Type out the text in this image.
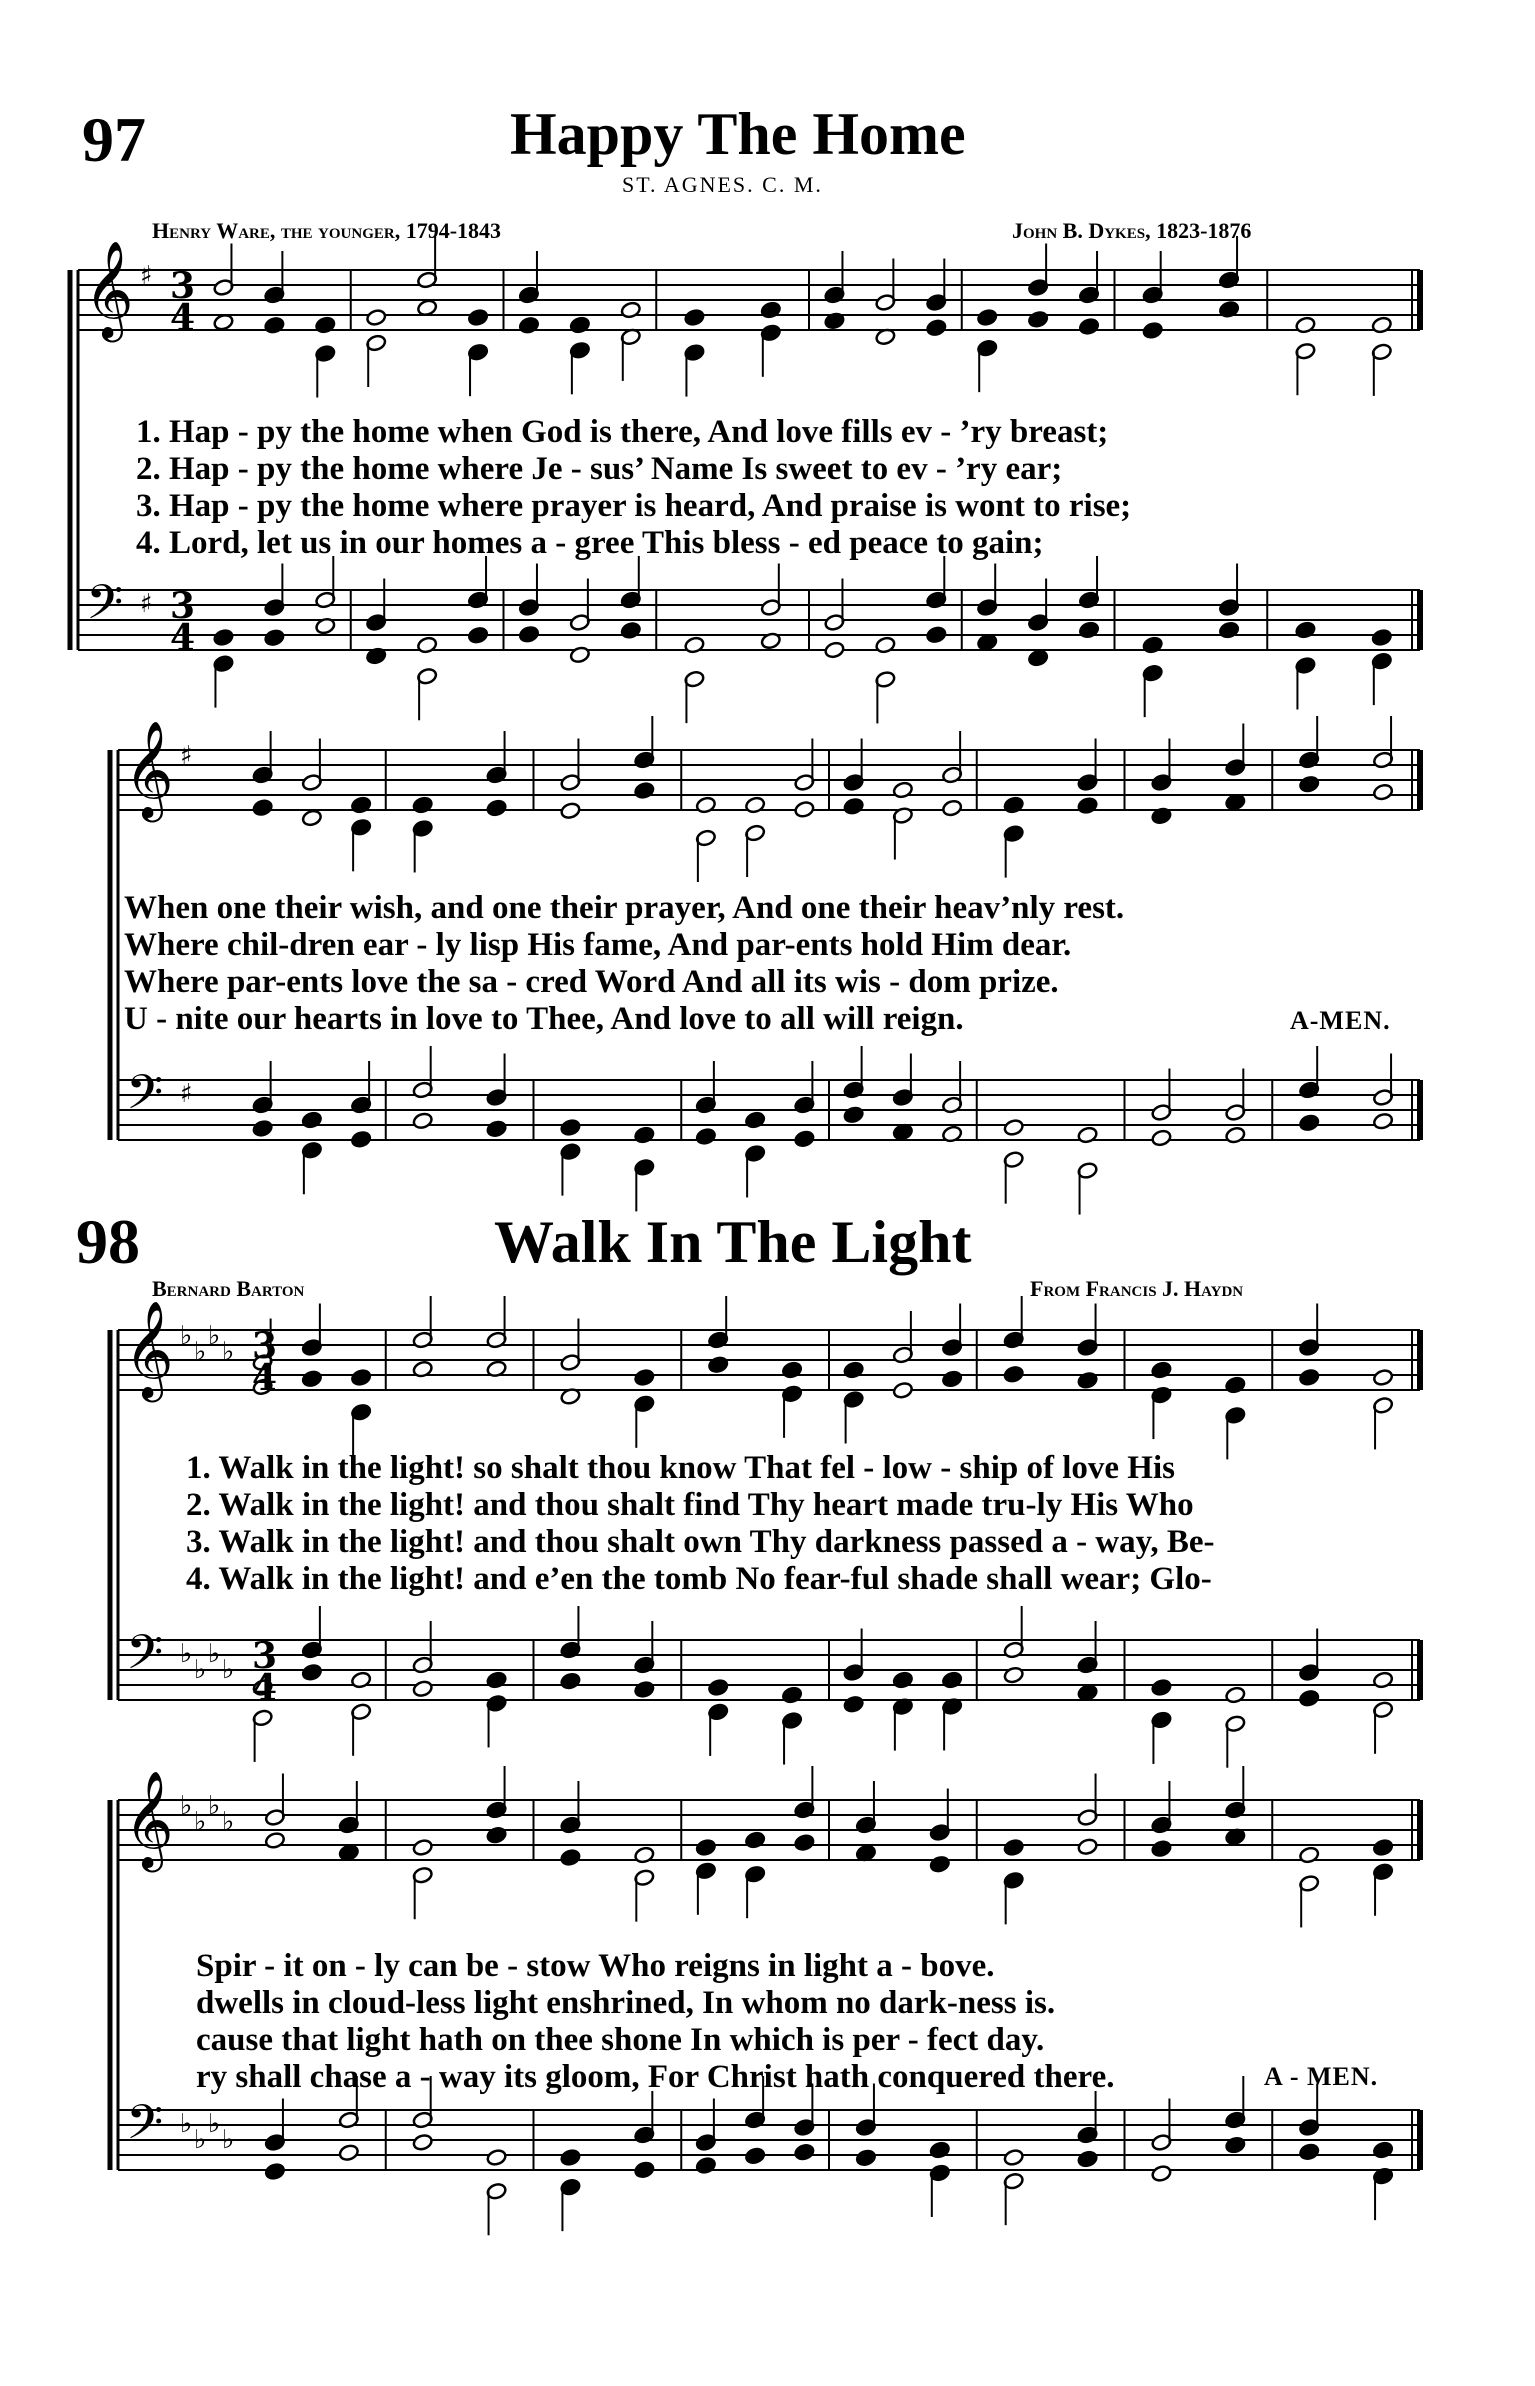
97	Happy The Home
ST. AGNES. C. M.
Henry Ware, the younger, 1794-1843	John B. Dykes, 1823-1876
1. Hap - py the home when God is there, And love fills ev - ’ry breast;
2. Hap - py the home where Je - sus’ Name Is sweet to ev - ’ry ear;
3. Hap - py the home where prayer is heard, And praise is wont to rise;
4. Lord, let us in our homes a - gree This bless - ed peace to gain;
When one their wish, and one their prayer, And one their heav’nly rest.
Where chil-dren ear - ly lisp His fame, And par-ents hold Him dear.
Where par-ents love the sa - cred Word And all its wis - dom prize.
U - nite our hearts in love to Thee, And love to all will reign.	A-MEN.
98	Walk In The Light
Bernard Barton	From Francis J. Haydn
1. Walk in the light! so shalt thou know That fel - low - ship of love His
2. Walk in the light! and thou shalt find Thy heart made tru-ly His Who
3. Walk in the light! and thou shalt own Thy darkness passed a - way, Be-
4. Walk in the light! and e’en the tomb No fear-ful shade shall wear; Glo-
Spir - it on - ly can be - stow Who reigns in light a - bove.
dwells in cloud-less light enshrined, In whom no dark-ness is.
cause that light hath on thee shone In which is per - fect day.
ry shall chase a - way its gloom, For Christ hath conquered there.	A - MEN.
𝄞
𝄢
♯
♯
3
4
3
4
𝄞
𝄢
♯
♯
𝄞
𝄢
♭
♭
♭
♭
♭
♭
♭
♭
3
4
3
4
𝄞
𝄢
♭
♭
♭
♭
♭
♭
♭
♭
